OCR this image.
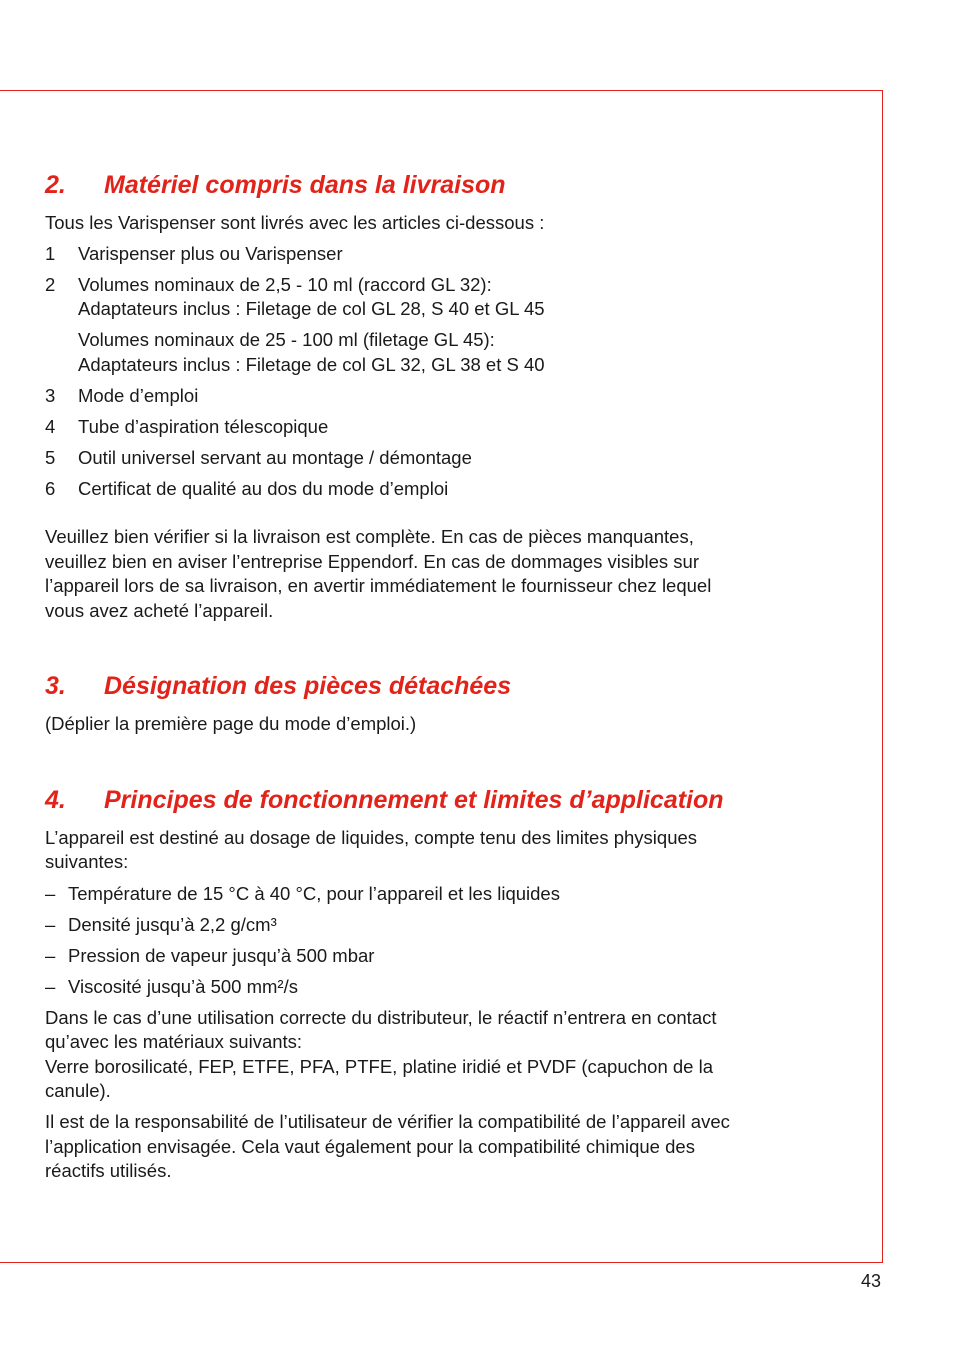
2. Matériel compris dans la livraison

Tous les Varispenser sont livrés avec les articles ci-dessous :

1 Varispenser plus ou Varispenser
2 Volumes nominaux de 2,5 - 10 ml (raccord GL 32):
Adaptateurs inclus : Filetage de col GL 28, S 40 et GL 45
Volumes nominaux de 25 - 100 ml (filetage GL 45):
Adaptateurs inclus : Filetage de col GL 32, GL 38 et S 40
3 Mode d’emploi
4 Tube d’aspiration télescopique
5 Outil universel servant au montage / démontage
6 Certificat de qualité au dos du mode d’emploi
Veuillez bien vérifier si la livraison est complète. En cas de pièces manquantes,
veuillez bien en aviser l’entreprise Eppendorf. En cas de dommages visibles sur
l’appareil lors de sa livraison, en avertir immédiatement le fournisseur chez lequel
vous avez acheté l’appareil.
3. Désignation des pièces détachées

(Déplier la première page du mode d’emploi.)

4. Principes de fonctionnement et limites d’application
L’appareil est destiné au dosage de liquides, compte tenu des limites physiques
suivantes:
– Température de 15 °C à 40 °C, pour l’appareil et les liquides
– Densité jusqu’à 2,2 g/cm³
– Pression de vapeur jusqu’à 500 mbar
– Viscosité jusqu’à 500 mm²/s
Dans le cas d’une utilisation correcte du distributeur, le réactif n’entrera en contact
qu’avec les matériaux suivants:
Verre borosilicaté, FEP, ETFE, PFA, PTFE, platine iridié et PVDF (capuchon de la
canule).
Il est de la responsabilité de l’utilisateur de vérifier la compatibilité de l’appareil avec
l’application envisagée. Cela vaut également pour la compatibilité chimique des
réactifs utilisés.
43
